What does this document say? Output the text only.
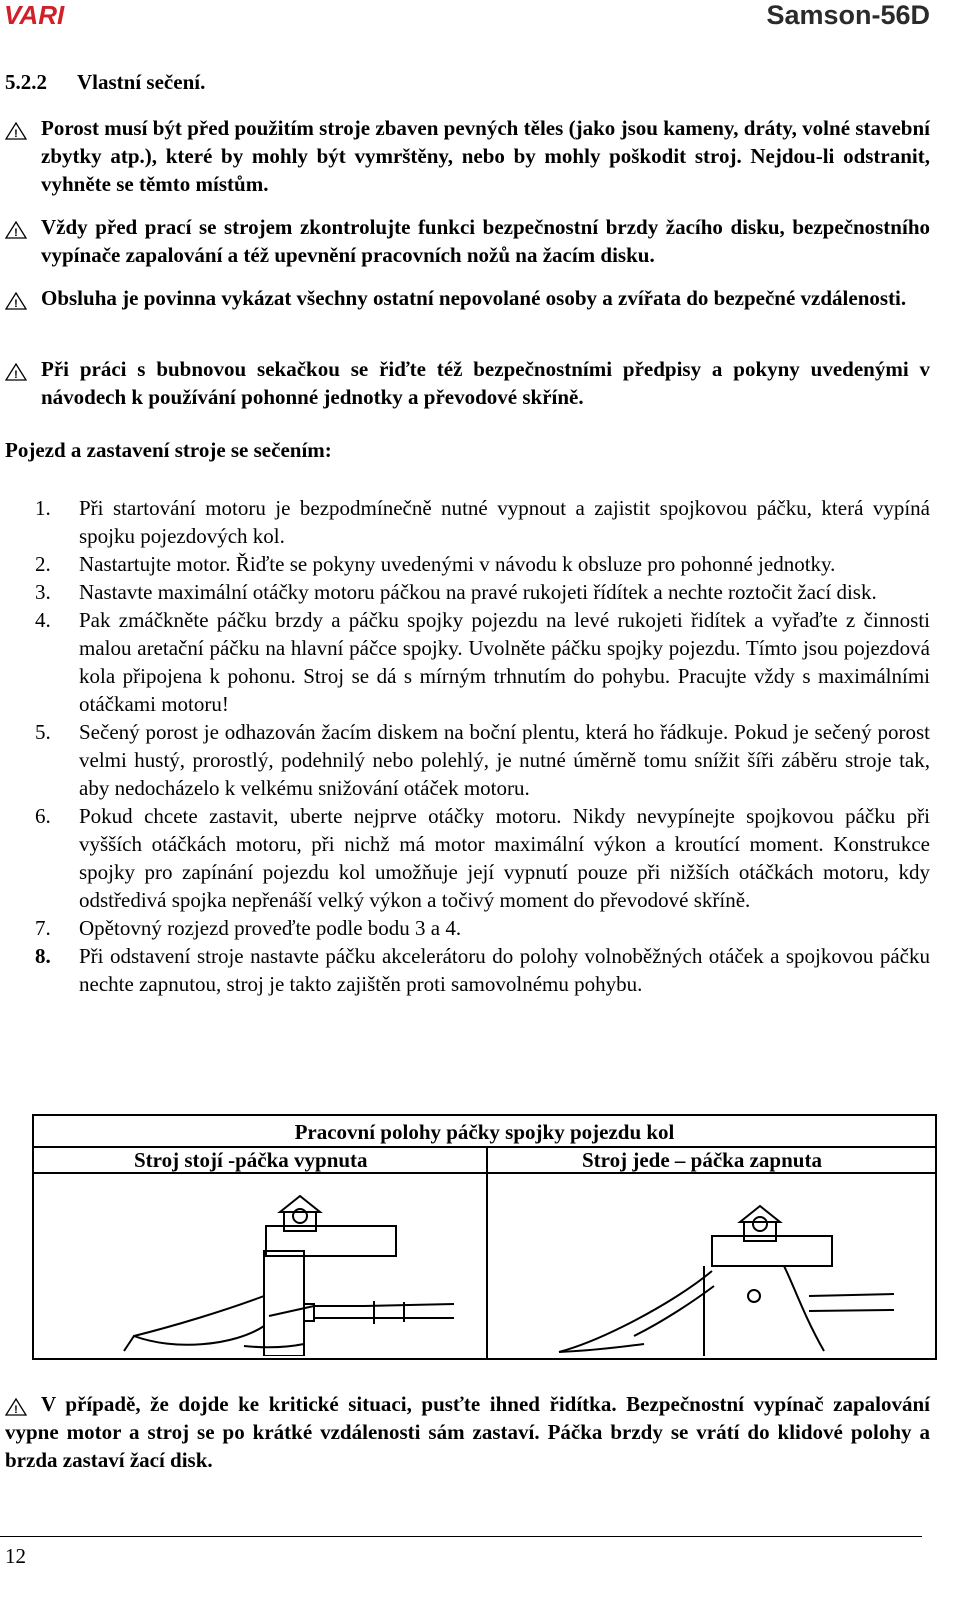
VARI	Samson-56D
5.2.2 Vlastní sečení.
!	Porost musí být před použitím stroje zbaven pevných těles (jako jsou kameny, dráty, volné stavební zbytky atp.), které by mohly být vymrštěny, nebo by mohly poškodit stroj. Nejdou-li odstranit, vyhněte se těmto místům.
!	Vždy před prací se strojem zkontrolujte funkci bezpečnostní brzdy žacího disku, bezpečnostního vypínače zapalování a též upevnění pracovních nožů na žacím disku.
!	Obsluha je povinna vykázat všechny ostatní nepovolané osoby a zvířata do bezpečné vzdálenosti.
!	Při práci s bubnovou sekačkou se řiďte též bezpečnostními předpisy a pokyny uvedenými v návodech k používání pohonné jednotky a převodové skříně.
Pojezd a zastavení stroje se sečením:
1. Při startování motoru je bezpodmínečně nutné vypnout a zajistit spojkovou páčku, která vypíná spojku pojezdových kol.
2. Nastartujte motor. Řiďte se pokyny uvedenými v návodu k obsluze pro pohonné jednotky.
3. Nastavte maximální otáčky motoru páčkou na pravé rukojeti řídítek a nechte roztočit žací disk.
4. Pak zmáčkněte páčku brzdy a páčku spojky pojezdu na levé rukojeti řidítek a vyřaďte z činnosti malou aretační páčku na hlavní páčce spojky. Uvolněte páčku spojky pojezdu. Tímto jsou pojezdová kola připojena k pohonu. Stroj se dá s mírným trhnutím do pohybu. Pracujte vždy s maximálními otáčkami motoru!
5. Sečený porost je odhazován žacím diskem na boční plentu, která ho řádkuje. Pokud je sečený porost velmi hustý, prorostlý, podehnilý nebo polehlý, je nutné úměrně tomu snížit šíři záběru stroje tak, aby nedocházelo k velkému snižování otáček motoru.
6. Pokud chcete zastavit, uberte nejprve otáčky motoru. Nikdy nevypínejte spojkovou páčku při vyšších otáčkách motoru, při nichž má motor maximální výkon a kroutící moment. Konstrukce spojky pro zapínání pojezdu kol umožňuje její vypnutí pouze při nižších otáčkách motoru, kdy odstředivá spojka nepřenáší velký výkon a točivý moment do převodové skříně.
7. Opětovný rozjezd proveďte podle bodu 3 a 4.
8. Při odstavení stroje nastavte páčku akcelerátoru do polohy volnoběžných otáček a spojkovou páčku nechte zapnutou, stroj je takto zajištěn proti samovolnému pohybu.
Pracovní polohy páčky spojky pojezdu kol
Stroj stojí -páčka vypnuta	Stroj jede – páčka zapnuta
!	V případě, že dojde ke kritické situaci, pusťte ihned řidítka. Bezpečnostní vypínač zapalování vypne motor a stroj se po krátké vzdálenosti sám zastaví. Páčka brzdy se vrátí do klidové polohy a brzda zastaví žací disk.
12
